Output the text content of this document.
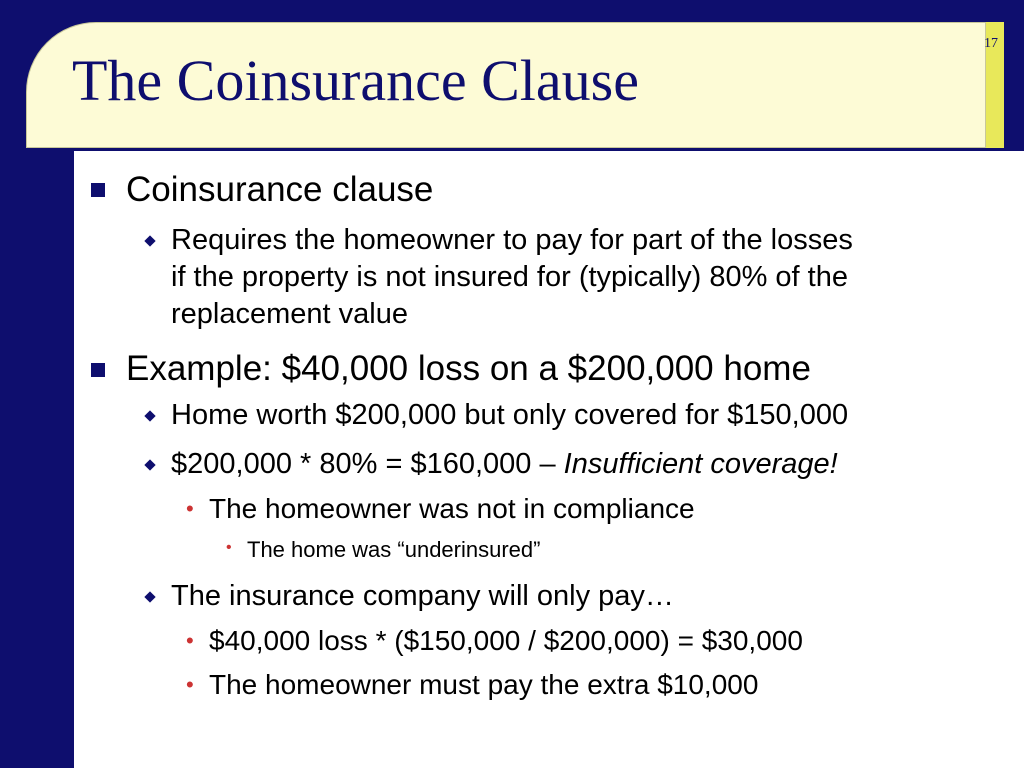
The Coinsurance Clause
17
Coinsurance clause
Requires the homeowner to pay for part of the losses
if the property is not insured for (typically) 80% of the
replacement value
Example: $40,000 loss on a $200,000 home
Home worth $200,000 but only covered for $150,000
$200,000 * 80% = $160,000 – Insufficient coverage!
• The homeowner was not in compliance
• The home was “underinsured”
The insurance company will only pay…
• $40,000 loss * ($150,000 / $200,000) = $30,000
• The homeowner must pay the extra $10,000
